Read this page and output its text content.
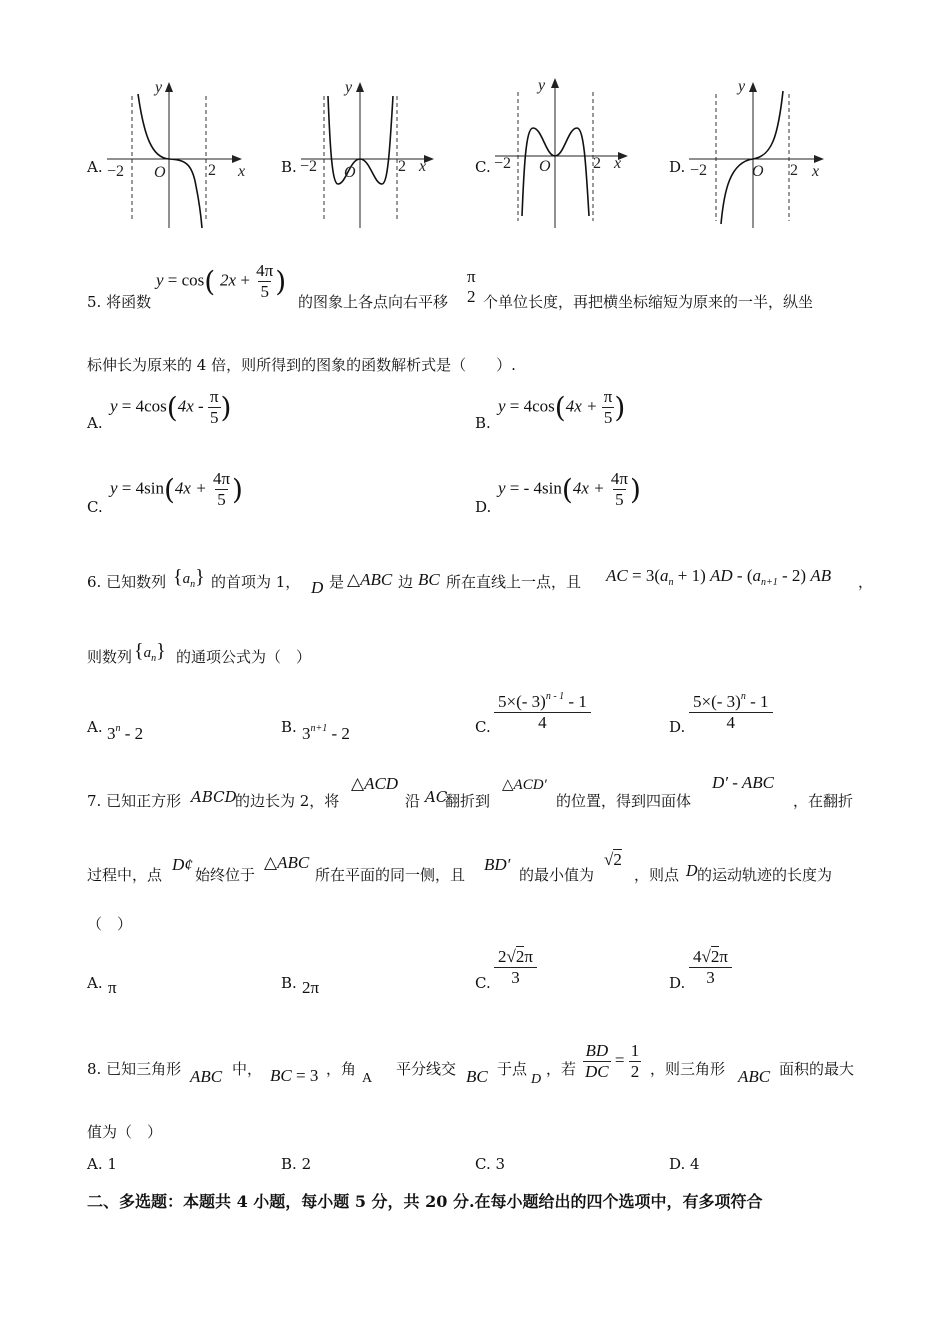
A.
y
x
O
−2	2	B.
y
x
O
−2	2	C.
y
x
O
−2	2	D.
y
x
O
−2	2
5. 将函数
y = cos( $2x + \frac{4\pi}{5}$ )
的图象上各点向右平移
π
2 个单位长度，再把横坐标缩短为原来的一半，纵坐
标伸长为原来的 4 倍，则所得到的图象的函数解析式是（　　）.
A.
$y = 4\cos(4x - \frac{\pi}{5}$ )	B.
$y = 4\cos(4x + \frac{\pi}{5}$ )
C.
$y = 4\sin(4x + \frac{4\pi}{5}$ )
D.
y = - $4\sin(4x + \frac{4\pi}{5}$ )
6. 已知数列 $\{a_n\}$ 的首项为 1， D 是 △ABC 边 BC 所在直线上一点，且 AC = $3(a_n + 1)$ AD - $(a_{n+1} - 2)$ AB ，
则数列 $\{a_n\}$ 的通项公式为（　）
A. 3$^n$ - 2	B. $3^{n+1} - 2$	C. $\frac{5\times(- 3)^{n - 1} - 1}{4}$	D. $\frac{5\times(- 3)^n - 1}{4}$
7. 已知正方形 ABCD
的边长为 2，将
△ACD
沿 AC
翻折到
△ACD′
的位置，得到四面体
D′ - ABC
，在翻折
过程中，点
D¢
始终位于
△ABC
所在平面的同一侧，且
BD′
的最小值为
√2
，则点 D
的运动轨迹的长度为
（　）
A. π	B. 2π	C. $\frac{2√2\pi}{3}$	D. $\frac{4√2\pi}{3}$
8. 已知三角形 ABC 中， BC = 3 ，角
A
平分线交 BC 于点
D
，若 $\frac{BD}{DC} = \frac{1}{2}$ ，则三角形 ABC 面积的最大
值为（　）
A. 1	B. 2	C. 3	D. 4
二、多选题：本题共 4 小题，每小题 5 分，共 20 分.在每小题给出的四个选项中，有多项符合
